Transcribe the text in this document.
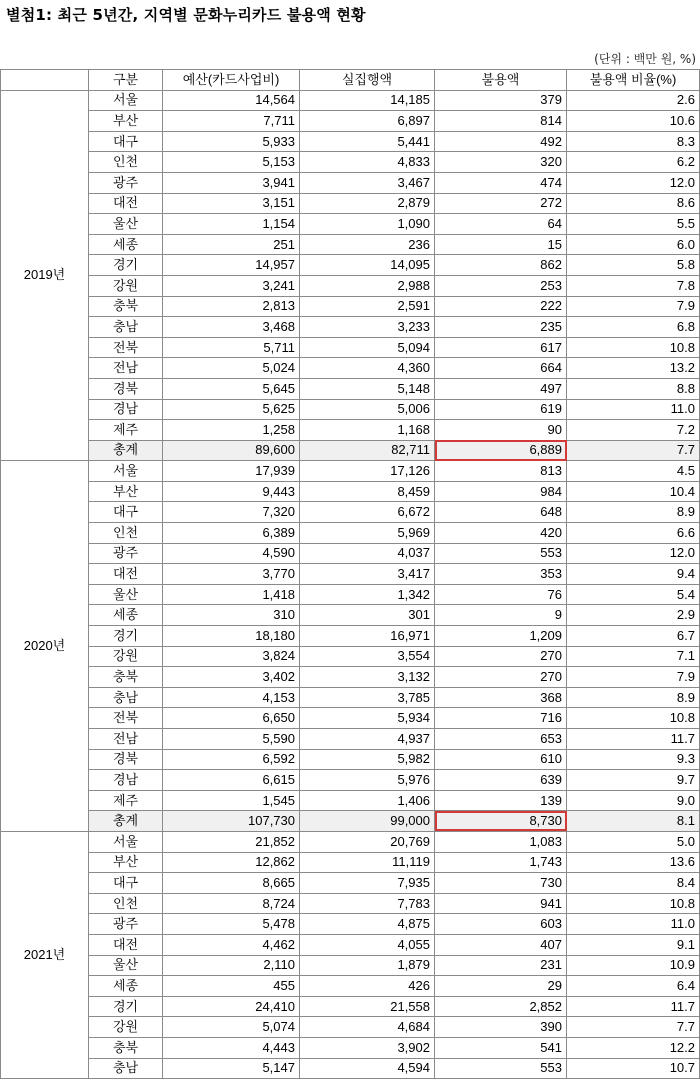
별첨1: 최근 5년간, 지역별 문화누리카드 불용액 현황
(단위 : 백만 원, %)
	구분	예산(카드사업비)	실집행액	불용액	불용액 비율(%)
2019년	서울	14,564	14,185	379	2.6
	부산	7,711	6,897	814	10.6
	대구	5,933	5,441	492	8.3
	인천	5,153	4,833	320	6.2
	광주	3,941	3,467	474	12.0
	대전	3,151	2,879	272	8.6
	울산	1,154	1,090	64	5.5
	세종	251	236	15	6.0
	경기	14,957	14,095	862	5.8
	강원	3,241	2,988	253	7.8
	충북	2,813	2,591	222	7.9
	충남	3,468	3,233	235	6.8
	전북	5,711	5,094	617	10.8
	전남	5,024	4,360	664	13.2
	경북	5,645	5,148	497	8.8
	경남	5,625	5,006	619	11.0
	제주	1,258	1,168	90	7.2
	총계	89,600	82,711	6,889	7.7
2020년	서울	17,939	17,126	813	4.5
	부산	9,443	8,459	984	10.4
	대구	7,320	6,672	648	8.9
	인천	6,389	5,969	420	6.6
	광주	4,590	4,037	553	12.0
	대전	3,770	3,417	353	9.4
	울산	1,418	1,342	76	5.4
	세종	310	301	9	2.9
	경기	18,180	16,971	1,209	6.7
	강원	3,824	3,554	270	7.1
	충북	3,402	3,132	270	7.9
	충남	4,153	3,785	368	8.9
	전북	6,650	5,934	716	10.8
	전남	5,590	4,937	653	11.7
	경북	6,592	5,982	610	9.3
	경남	6,615	5,976	639	9.7
	제주	1,545	1,406	139	9.0
	총계	107,730	99,000	8,730	8.1
2021년	서울	21,852	20,769	1,083	5.0
	부산	12,862	11,119	1,743	13.6
	대구	8,665	7,935	730	8.4
	인천	8,724	7,783	941	10.8
	광주	5,478	4,875	603	11.0
	대전	4,462	4,055	407	9.1
	울산	2,110	1,879	231	10.9
	세종	455	426	29	6.4
	경기	24,410	21,558	2,852	11.7
	강원	5,074	4,684	390	7.7
	충북	4,443	3,902	541	12.2
	충남	5,147	4,594	553	10.7
